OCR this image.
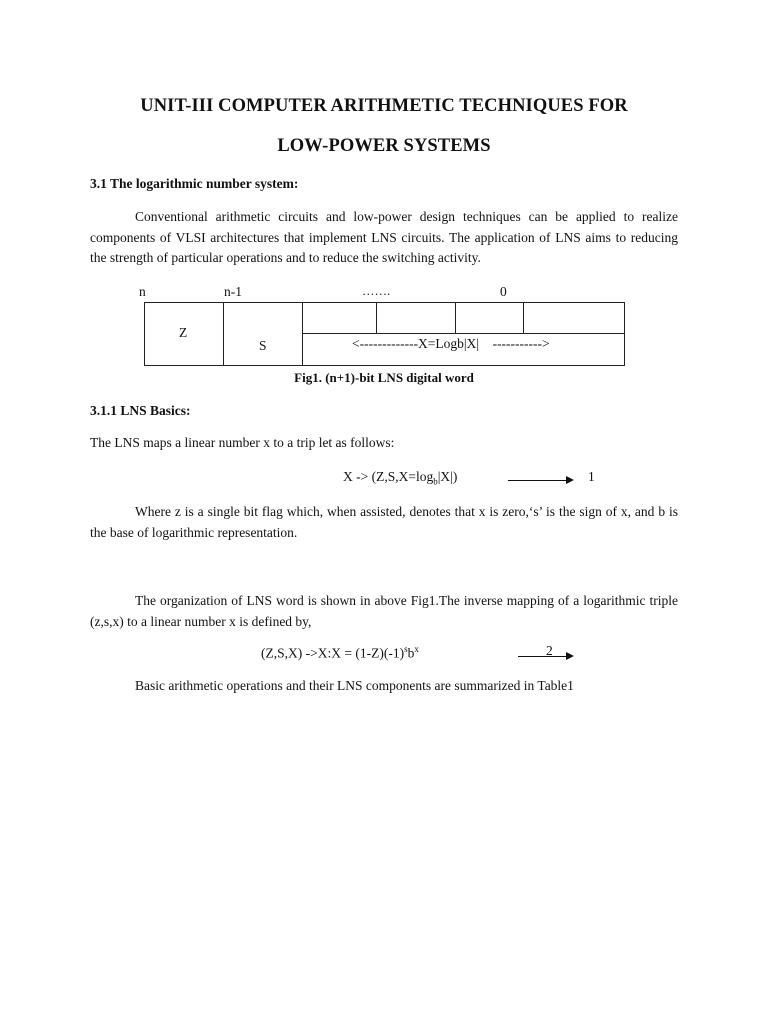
UNIT-III COMPUTER ARITHMETIC TECHNIQUES FOR
LOW-POWER SYSTEMS
3.1 The logarithmic number system:
Conventional arithmetic circuits and low-power design techniques can be applied to realize components of VLSI architectures that implement LNS circuits. The application of LNS aims to reducing the strength of particular operations and to reduce the switching activity.
n	n-1	…….	0
Z
S	<-------------X=Logb|X|    ----------->
Fig1. (n+1)-bit LNS digital word
3.1.1 LNS Basics:
The LNS maps a linear number x to a trip let as follows:
$X -> (Z,S,X=\log_b|X|)$	1
Where z is a single bit flag which, when assisted, denotes that x is zero,‘s’ is the sign of x, and b is the base of logarithmic representation.
The organization of LNS word is shown in above Fig1.The inverse mapping of a logarithmic triple (z,s,x) to a linear number x is defined by,
(Z,S,X) ->X:X = $(1-Z)(-1)^sb^x$	2
Basic arithmetic operations and their LNS components are summarized in Table1
